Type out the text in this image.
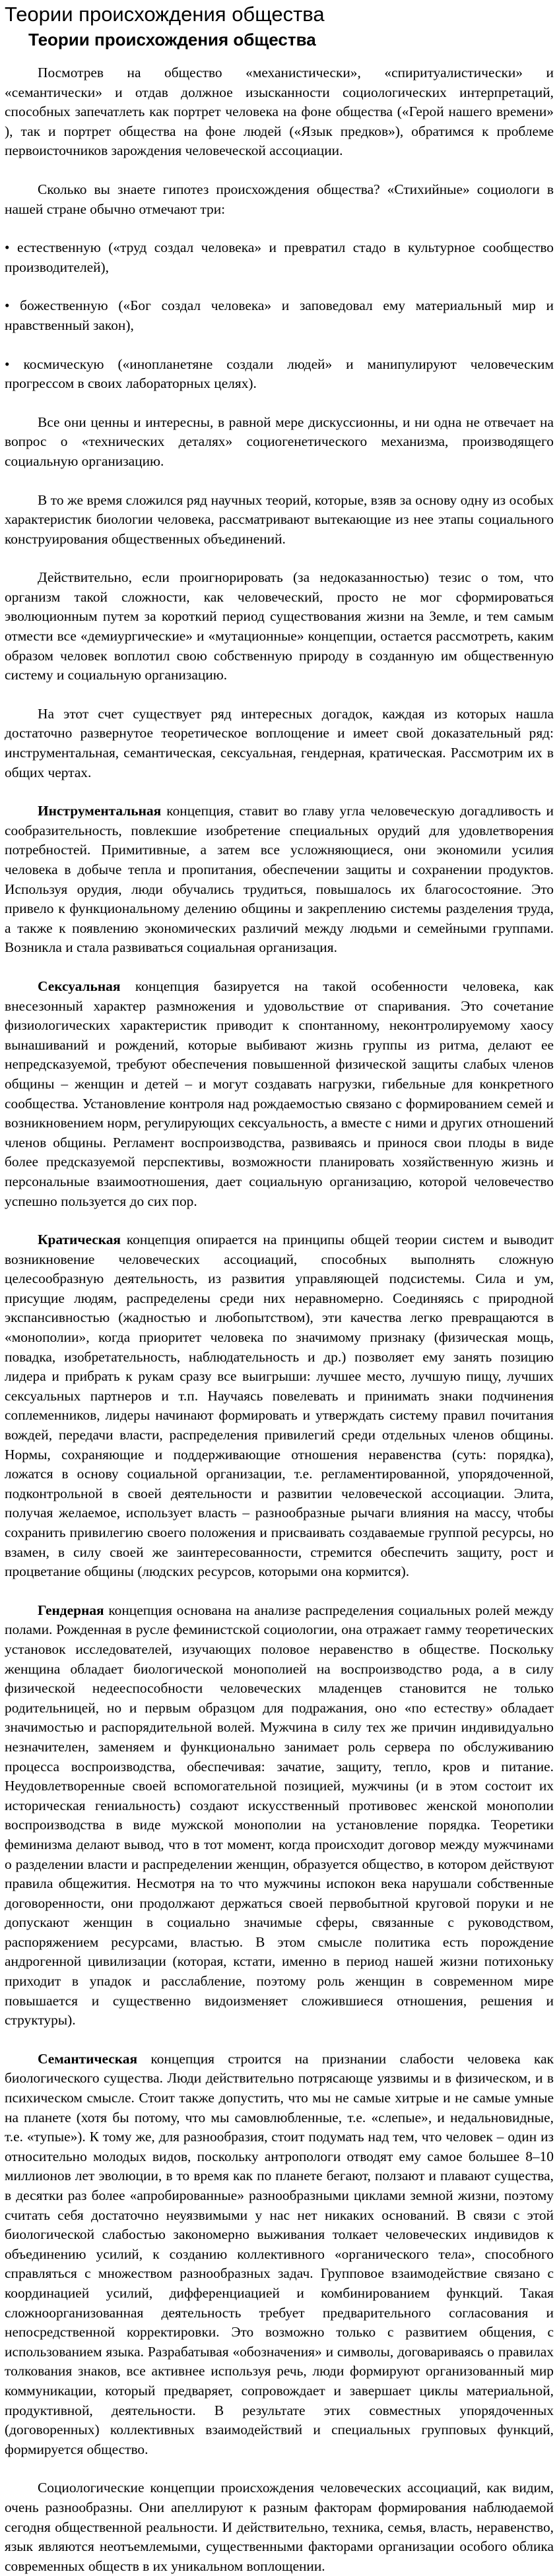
Теории происхождения общества
Теории происхождения общества

Посмотрев на общество «механистически», «спиритуалистически» и «семантически» и отдав должное изысканности социологических интерпретаций, способных запечатлеть как портрет человека на фоне общества («Герой нашего времени» ), так и портрет общества на фоне людей («Язык предков»), обратимся к проблеме первоисточников зарождения человеческой ассоциации.

Сколько вы знаете гипотез происхождения общества? «Стихийные» социологи в нашей стране обычно отмечают три:

• естественную («труд создал человека» и превратил стадо в культурное сообщество производителей),

• божественную («Бог создал человека» и заповедовал ему материальный мир и нравственный закон),

• космическую («инопланетяне создали людей» и манипулируют человеческим прогрессом в своих лабораторных целях).

Все они ценны и интересны, в равной мере дискуссионны, и ни одна не отвечает на вопрос о «технических деталях» социогенетического механизма, производящего социальную организацию.

В то же время сложился ряд научных теорий, которые, взяв за основу одну из особых характеристик биологии человека, рассматривают вытекающие из нее этапы социального конструирования общественных объединений.

Действительно, если проигнорировать (за недоказанностью) тезис о том, что организм такой сложности, как человеческий, просто не мог сформироваться эволюционным путем за короткий период существования жизни на Земле, и тем самым отмести все «демиургические» и «мутационные» концепции, остается рассмотреть, каким образом человек воплотил свою собственную природу в созданную им общественную систему и социальную организацию.

На этот счет существует ряд интересных догадок, каждая из которых нашла достаточно развернутое теоретическое воплощение и имеет свой доказательный ряд: инструментальная, семантическая, сексуальная, гендерная, кратическая. Рассмотрим их в общих чертах.

Инструментальная концепция, ставит во главу угла человеческую догадливость и сообразительность, повлекшие изобретение специальных орудий для удовлетворения потребностей. Примитивные, а затем все усложняющиеся, они экономили усилия человека в добыче тепла и пропитания, обеспечении защиты и сохранении продуктов. Используя орудия, люди обучались трудиться, повышалось их благосостояние. Это привело к функциональному делению общины и закреплению системы разделения труда, а также к появлению экономических различий между людьми и семейными группами. Возникла и стала развиваться социальная организация.

Сексуальная концепция базируется на такой особенности человека, как внесезонный характер размножения и удовольствие от спаривания. Это сочетание физиологических характеристик приводит к спонтанному, неконтролируемому хаосу вынашиваний и рождений, которые выбивают жизнь группы из ритма, делают ее непредсказуемой, требуют обеспечения повышенной физической защиты слабых членов общины – женщин и детей – и могут создавать нагрузки, гибельные для конкретного сообщества. Установление контроля над рождаемостью связано с формированием семей и возникновением норм, регулирующих сексуальность, а вместе с ними и других отношений членов общины. Регламент воспроизводства, развиваясь и принося свои плоды в виде более предсказуемой перспективы, возможности планировать хозяйственную жизнь и персональные взаимоотношения, дает социальную организацию, которой человечество успешно пользуется до сих пор.

Кратическая концепция опирается на принципы общей теории систем и выводит возникновение человеческих ассоциаций, способных выполнять сложную целесообразную деятельность, из развития управляющей подсистемы. Сила и ум, присущие людям, распределены среди них неравномерно. Соединяясь с природной экспансивностью (жадностью и любопытством), эти качества легко превращаются в «монополии», когда приоритет человека по значимому признаку (физическая мощь, повадка, изобретательность, наблюдательность и др.) позволяет ему занять позицию лидера и прибрать к рукам сразу все выигрыши: лучшее место, лучшую пищу, лучших сексуальных партнеров и т.п. Научаясь повелевать и принимать знаки подчинения соплеменников, лидеры начинают формировать и утверждать систему правил почитания вождей, передачи власти, распределения привилегий среди отдельных членов общины. Нормы, сохраняющие и поддерживающие отношения неравенства (суть: порядка), ложатся в основу социальной организации, т.е. регламентированной, упорядоченной, подконтрольной в своей деятельности и развитии человеческой ассоциации. Элита, получая желаемое, использует власть – разнообразные рычаги влияния на массу, чтобы сохранить привилегию своего положения и присваивать создаваемые группой ресурсы, но взамен, в силу своей же заинтересованности, стремится обеспечить защиту, рост и процветание общины (людских ресурсов, которыми она кормится).

Гендерная концепция основана на анализе распределения социальных ролей между полами. Рожденная в русле феминистской социологии, она отражает гамму теоретических установок исследователей, изучающих половое неравенство в обществе. Поскольку женщина обладает биологической монополией на воспроизводство рода, а в силу физической недееспособности человеческих младенцев становится не только родительницей, но и первым образцом для подражания, оно «по естеству» обладает значимостью и распорядительной волей. Мужчина в силу тех же причин индивидуально незначителен, заменяем и функционально занимает роль сервера по обслуживанию процесса воспроизводства, обеспечивая: зачатие, защиту, тепло, кров и питание. Неудовлетворенные своей вспомогательной позицией, мужчины (и в этом состоит их историческая гениальность) создают искусственный противовес женской монополии воспроизводства в виде мужской монополии на установление порядка. Теоретики феминизма делают вывод, что в тот момент, когда происходит договор между мужчинами о разделении власти и распределении женщин, образуется общество, в котором действуют правила общежития. Несмотря на то что мужчины испокон века нарушали собственные договоренности, они продолжают держаться своей первобытной круговой поруки и не допускают женщин в социально значимые сферы, связанные с руководством, распоряжением ресурсами, властью. В этом смысле политика есть порождение андрогенной цивилизации (которая, кстати, именно в период нашей жизни потихоньку приходит в упадок и расслабление, поэтому роль женщин в современном мире повышается и существенно видоизменяет сложившиеся отношения, решения и структуры).

Семантическая концепция строится на признании слабости человека как биологического существа. Люди действительно потрясающе уязвимы и в физическом, и в психическом смысле. Стоит также допустить, что мы не самые хитрые и не самые умные на планете (хотя бы потому, что мы самовлюбленные, т.е. «слепые», и недальновидные, т.е. «тупые»). К тому же, для разнообразия, стоит подумать над тем, что человек – один из относительно молодых видов, поскольку антропологи отводят ему самое большее 8–10 миллионов лет эволюции, в то время как по планете бегают, ползают и плавают существа, в десятки раз более «апробированные» разнообразными циклами земной жизни, поэтому считать себя достаточно неуязвимыми у нас нет никаких оснований. В связи с этой биологической слабостью закономерно выживания толкает человеческих индивидов к объединению усилий, к созданию коллективного «органического тела», способного справляться с множеством разнообразных задач. Групповое взаимодействие связано с координацией усилий, дифференциацией и комбинированием функций. Такая сложноорганизованная деятельность требует предварительного согласования и непосредственной корректировки. Это возможно только с развитием общения, с использованием языка. Разрабатывая «обозначения» и символы, договариваясь о правилах толкования знаков, все активнее используя речь, люди формируют организованный мир коммуникации, который предваряет, сопровождает и завершает циклы материальной, продуктивной, деятельности. В результате этих совместных упорядоченных (договоренных) коллективных взаимодействий и специальных групповых функций, формируется общество.

Социологические концепции происхождения человеческих ассоциаций, как видим, очень разнообразны. Они апеллируют к разным факторам формирования наблюдаемой сегодня общественной реальности. И действительно, техника, семья, власть, неравенство, язык являются неотъемлемыми, существенными факторами организации особого облика современных обществ в их уникальном воплощении.
